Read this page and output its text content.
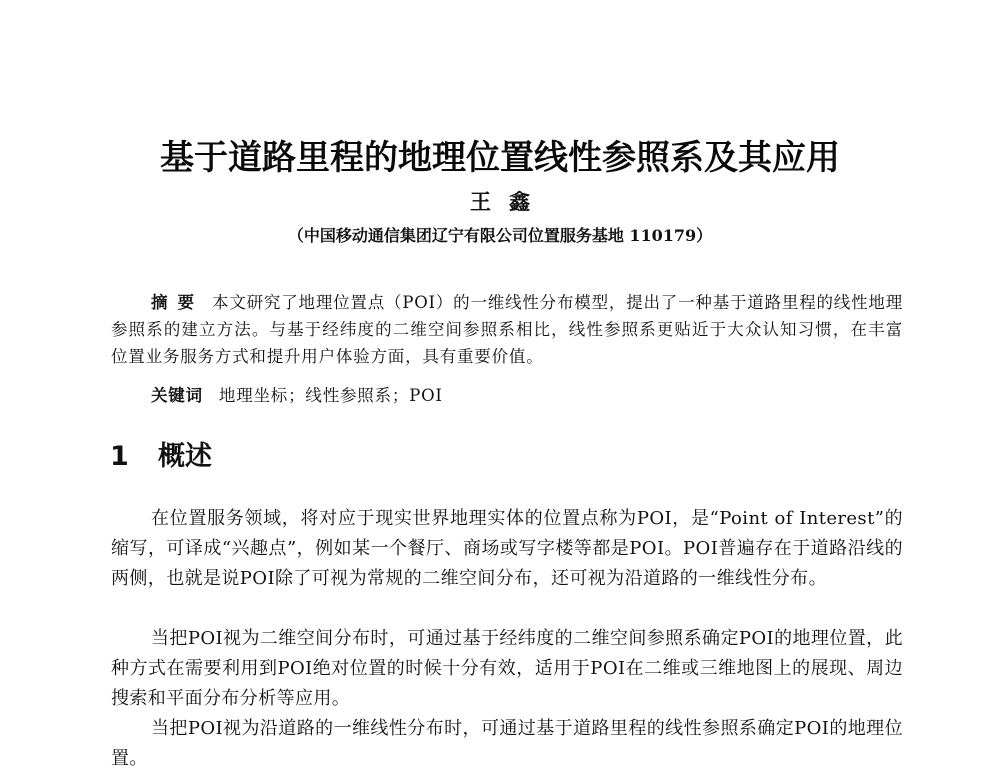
基于道路里程的地理位置线性参照系及其应用
王鑫
（中国移动通信集团辽宁有限公司位置服务基地 110179）

摘要 本文研究了地理位置点（POI）的一维线性分布模型，提出了一种基于道路里程的线性地理参照系的建立方法。与基于经纬度的二维空间参照系相比，线性参照系更贴近于大众认知习惯，在丰富位置业务服务方式和提升用户体验方面，具有重要价值。

关键词 地理坐标；线性参照系；POI
1 概述

在位置服务领域，将对应于现实世界地理实体的位置点称为POI，是“Point of Interest”的缩写，可译成“兴趣点”，例如某一个餐厅、商场或写字楼等都是POI。POI普遍存在于道路沿线的两侧，也就是说POI除了可视为常规的二维空间分布，还可视为沿道路的一维线性分布。

当把POI视为二维空间分布时，可通过基于经纬度的二维空间参照系确定POI的地理位置，此种方式在需要利用到POI绝对位置的时候十分有效，适用于POI在二维或三维地图上的展现、周边搜索和平面分布分析等应用。

当把POI视为沿道路的一维线性分布时，可通过基于道路里程的线性参照系确定POI的地理位置。
